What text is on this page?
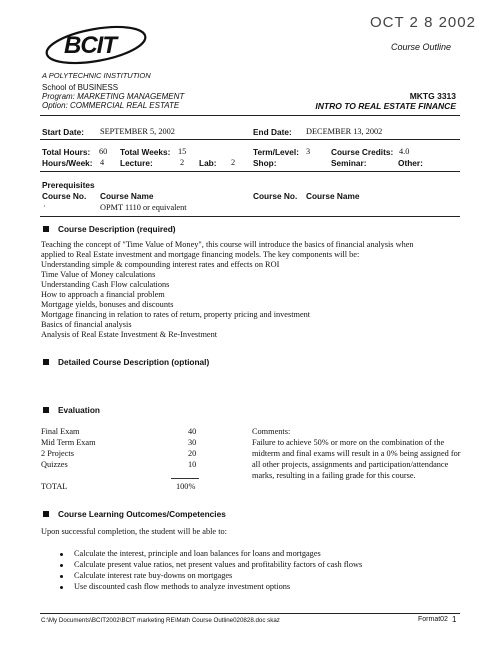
OCT 2 8 2002
Course Outline
BCIT
A POLYTECHNIC INSTITUTION
School of BUSINESS
Program: MARKETING MANAGEMENT
Option: COMMERCIAL REAL ESTATE
MKTG 3313
INTRO TO REAL ESTATE FINANCE
Start Date: SEPTEMBER 5, 2002	End Date: DECEMBER 13, 2002
Total Hours: 60 Total Weeks: 15	Term/Level: 3	Course Credits: 4.0
Hours/Week: 4 Lecture:	2 Lab: 2 Shop:	Seminar:	Other:
Prerequisites
Course No. Course Name	Course No. Course Name
·	OPMT 1110 or equivalent
Course Description (required)
Teaching the concept of "Time Value of Money", this course will introduce the basics of financial analysis when
applied to Real Estate investment and mortgage financing models. The key components will be:
Understanding simple & compounding interest rates and effects on ROI
Time Value of Money calculations
Understanding Cash Flow calculations
How to approach a financial problem
Mortgage yields, bonuses and discounts
Mortgage financing in relation to rates of return, property pricing and investment
Basics of financial analysis
Analysis of Real Estate Investment & Re-Investment
Detailed Course Description (optional)
Evaluation
Final Exam	40
Mid Term Exam	30
2 Projects	20
Quizzes	10
TOTAL	100%
Comments:
Failure to achieve 50% or more on the combination of the
midterm and final exams will result in a 0% being assigned for
all other projects, assignments and participation/attendance
marks, resulting in a failing grade for this course.
Course Learning Outcomes/Competencies
Upon successful completion, the student will be able to:
Calculate the interest, principle and loan balances for loans and mortgages
Calculate present value ratios, net present values and profitability factors of cash flows
Calculate interest rate buy-downs on mortgages
Use discounted cash flow methods to analyze investment options
C:\My Documents\BCIT2002\BCIT marketing RE\Math Course Outline020828.doc skaz	Format02 1
